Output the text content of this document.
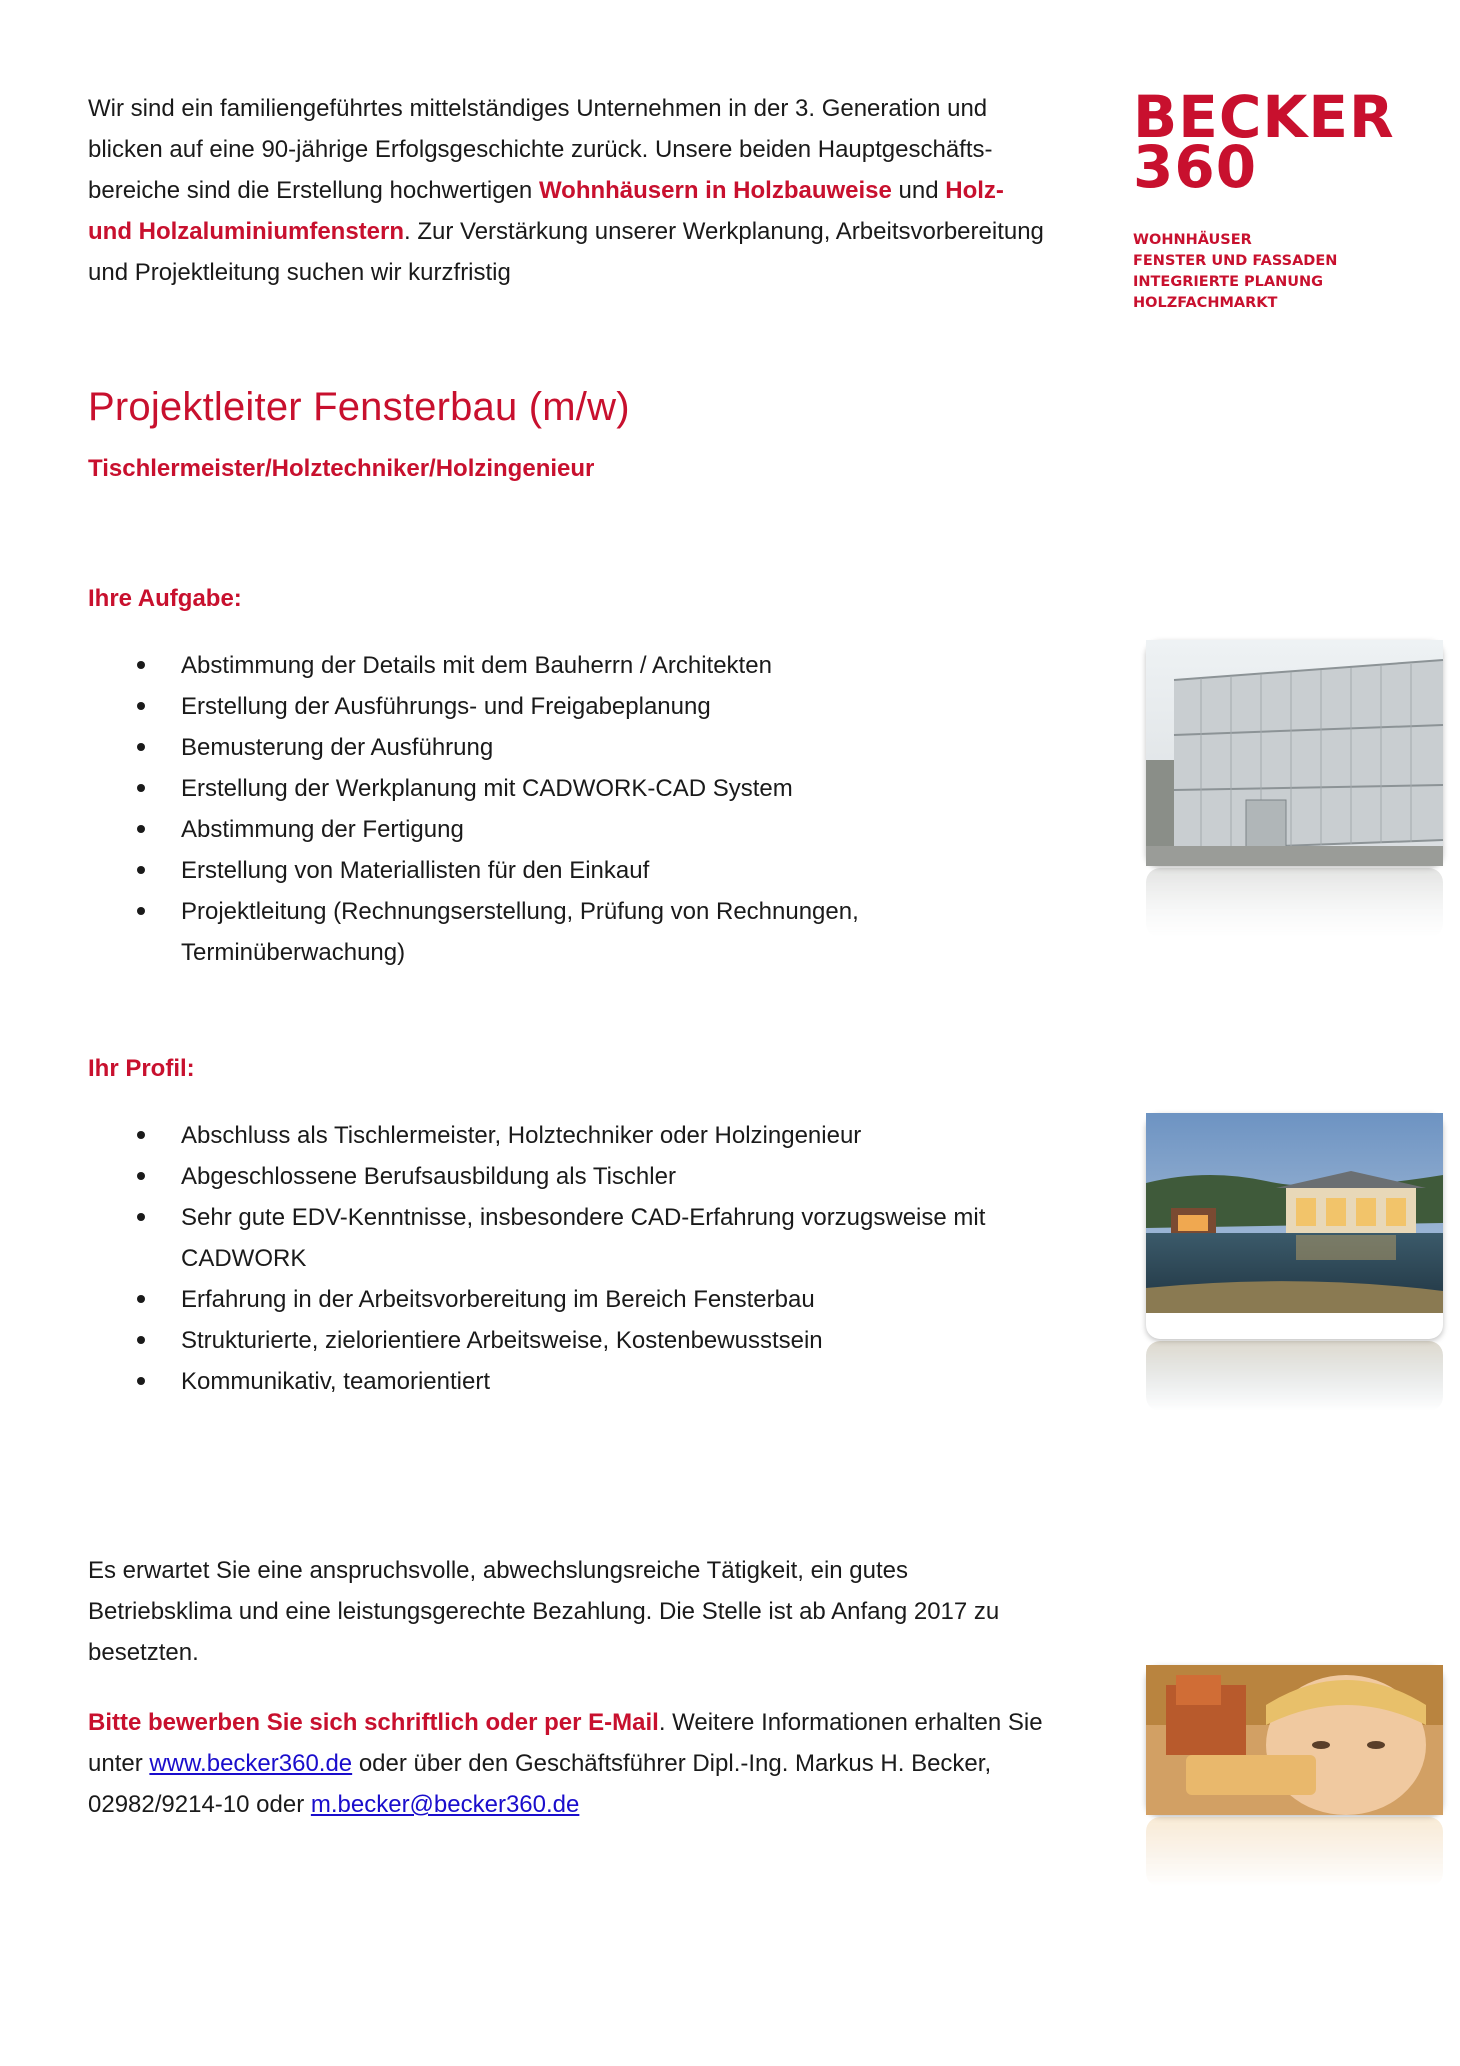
Wir sind ein familiengeführtes mittelständiges Unternehmen in der 3. Generation und blicken auf eine 90-jährige Erfolgsgeschichte zurück. Unsere beiden Hauptgeschäfts-bereiche sind die Erstellung hochwertigen Wohnhäusern in Holzbauweise und Holz- und Holzaluminiumfenstern. Zur Verstärkung unserer Werkplanung, Arbeitsvorbereitung und Projektleitung suchen wir kurzfristig

BECKER
360
WOHNHÄUSER
FENSTER UND FASSADEN
INTEGRIERTE PLANUNG
HOLZFACHMARKT
Projektleiter Fensterbau (m/w)
Tischlermeister/Holztechniker/Holzingenieur
Ihre Aufgabe:
Abstimmung der Details mit dem Bauherrn / Architekten
Erstellung der Ausführungs- und Freigabeplanung
Bemusterung der Ausführung
Erstellung der Werkplanung mit CADWORK-CAD System
Abstimmung der Fertigung
Erstellung von Materiallisten für den Einkauf
Projektleitung (Rechnungserstellung, Prüfung von Rechnungen, Terminüberwachung)
Ihr Profil:
Abschluss als Tischlermeister, Holztechniker oder Holzingenieur
Abgeschlossene Berufsausbildung als Tischler
Sehr gute EDV-Kenntnisse, insbesondere CAD-Erfahrung vorzugsweise mit CADWORK
Erfahrung in der Arbeitsvorbereitung im Bereich Fensterbau
Strukturierte, zielorientiere Arbeitsweise, Kostenbewusstsein
Kommunikativ, teamorientiert

Es erwartet Sie eine anspruchsvolle, abwechslungsreiche Tätigkeit, ein gutes Betriebsklima und eine leistungsgerechte Bezahlung. Die Stelle ist ab Anfang 2017 zu besetzten.

Bitte bewerben Sie sich schriftlich oder per E-Mail. Weitere Informationen erhalten Sie unter www.becker360.de oder über den Geschäftsführer Dipl.-Ing. Markus H. Becker, 02982/9214-10 oder m.becker@becker360.de
